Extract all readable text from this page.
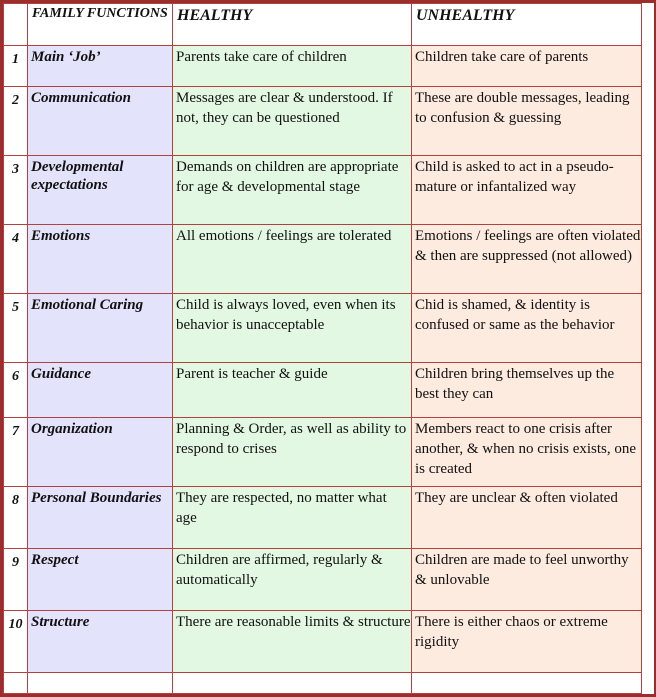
	FAMILY FUNCTIONS	HEALTHY	UNHEALTHY
1	Main ‘Job’	Parents take care of children	Children take care of parents
2	Communication	Messages are clear & understood. If not, they can be questioned	These are double messages, leading to confusion & guessing
3	Developmental expectations	Demands on children are appropriate for age & developmental stage	Child is asked to act in a pseudo-mature or infantalized way
4	Emotions	All emotions / feelings are tolerated	Emotions / feelings are often violated & then are suppressed (not allowed)
5	Emotional Caring	Child is always loved, even when its behavior is unacceptable	Chid is shamed, & identity is confused or same as the behavior
6	Guidance	Parent is teacher & guide	Children bring themselves up the best they can
7	Organization	Planning & Order, as well as ability to respond to crises	Members react to one crisis after another, & when no crisis exists, one is created
8	Personal Boundaries	They are respected, no matter what age	They are unclear & often violated
9	Respect	Children are affirmed, regularly & automatically	Children are made to feel unworthy & unlovable
10	Structure	There are reasonable limits & structure	There is either chaos or extreme rigidity
